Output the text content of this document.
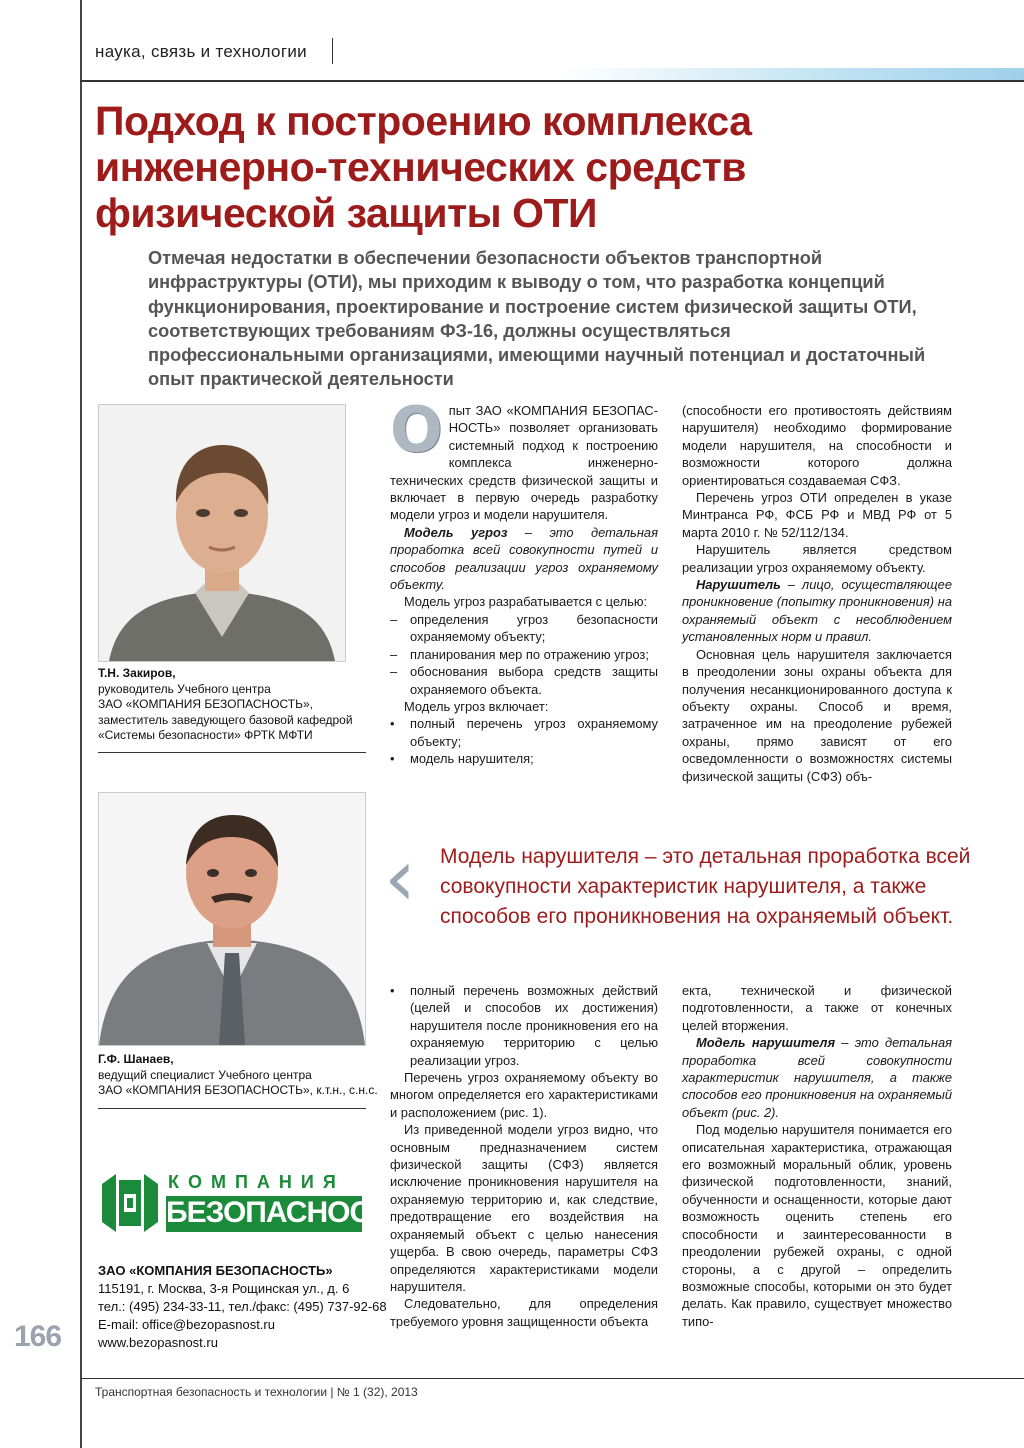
наука, связь и технологии
Подход к построению комплекса инженерно-технических средств физической защиты ОТИ
Отмечая недостатки в обеспечении безопасности объектов транспортной инфраструктуры (ОТИ), мы приходим к выводу о том, что разработка концепций функционирования, проектирование и построение систем физической защиты ОТИ, соответствующих требованиям ФЗ-16, должны осуществляться профессиональными организациями, имеющими научный потенциал и достаточный опыт практической деятельности
Т.Н. Закиров,
руководитель Учебного центра
ЗАО «КОМПАНИЯ БЕЗОПАСНОСТЬ»,
заместитель заведующего базовой кафедрой
«Системы безопасности» ФРТК МФТИ
Г.Ф. Шанаев,
ведущий специалист Учебного центра
ЗАО «КОМПАНИЯ БЕЗОПАСНОСТЬ», к.т.н., с.н.с.
КОМПАНИЯ
БЕЗОПАСНОСТЬ
ЗАО «КОМПАНИЯ БЕЗОПАСНОСТЬ»
115191, г. Москва, 3-я Рощинская ул., д. 6
тел.: (495) 234-33-11, тел./факс: (495) 737-92-68
E-mail: office@bezopasnost.ru
www.bezopasnost.ru

Опыт ЗАО «КОМПАНИЯ БЕЗОПАС-НОСТЬ» позволяет организовать системный подход к построению комплекса инженерно-технических средств физической защиты и включает в первую очередь разработку модели угроз и модели нарушителя.

Модель угроз – это детальная проработка всей совокупности путей и способов реализации угроз охраняемому объекту.

Модель угроз разрабатывается с целью:

– определения угроз безопасности охраняемому объекту;
– планирования мер по отражению угроз;
– обоснования выбора средств защиты охраняемого объекта.

Модель угроз включает:

• полный перечень угроз охраняемому объекту;
• модель нарушителя;

(способности его противостоять действиям нарушителя) необходимо формирование модели нарушителя, на способности и возможности которого должна ориентироваться создаваемая СФЗ.

Перечень угроз ОТИ определен в указе Минтранса РФ, ФСБ РФ и МВД РФ от 5 марта 2010 г. № 52/112/134.

Нарушитель является средством реализации угроз охраняемому объекту.

Нарушитель – лицо, осуществляющее проникновение (попытку проникновения) на охраняемый объект с несоблюдением установленных норм и правил.

Основная цель нарушителя заключается в преодолении зоны охраны объекта для получения несанкционированного доступа к объекту охраны. Способ и время, затраченное им на преодоление рубежей охраны, прямо зависят от его осведомленности о возможностях системы физической защиты (СФЗ) объ-

‹ Модель нарушителя – это детальная проработка всей совокупности характеристик нарушителя, а также способов его проникновения на охраняемый объект.
• полный перечень возможных действий (целей и способов их достижения) нарушителя после проникновения его на охраняемую территорию с целью реализации угроз.

Перечень угроз охраняемому объекту во многом определяется его характеристиками и расположением (рис. 1).

Из приведенной модели угроз видно, что основным предназначением систем физической защиты (СФЗ) является исключение проникновения нарушителя на охраняемую территорию и, как следствие, предотвращение его воздействия на охраняемый объект с целью нанесения ущерба. В свою очередь, параметры СФЗ определяются характеристиками модели нарушителя.

Следовательно, для определения требуемого уровня защищенности объекта

екта, технической и физической подготовленности, а также от конечных целей вторжения.

Модель нарушителя – это детальная проработка всей совокупности характеристик нарушителя, а также способов его проникновения на охраняемый объект (рис. 2).

Под моделью нарушителя понимается его описательная характеристика, отражающая его возможный моральный облик, уровень физической подготовленности, знаний, обученности и оснащенности, которые дают возможность оценить степень его способности и заинтересованности в преодолении рубежей охраны, с одной стороны, а с другой – определить возможные способы, которыми он это будет делать. Как правило, существует множество типо-

166
Транспортная безопасность и технологии | № 1 (32), 2013
